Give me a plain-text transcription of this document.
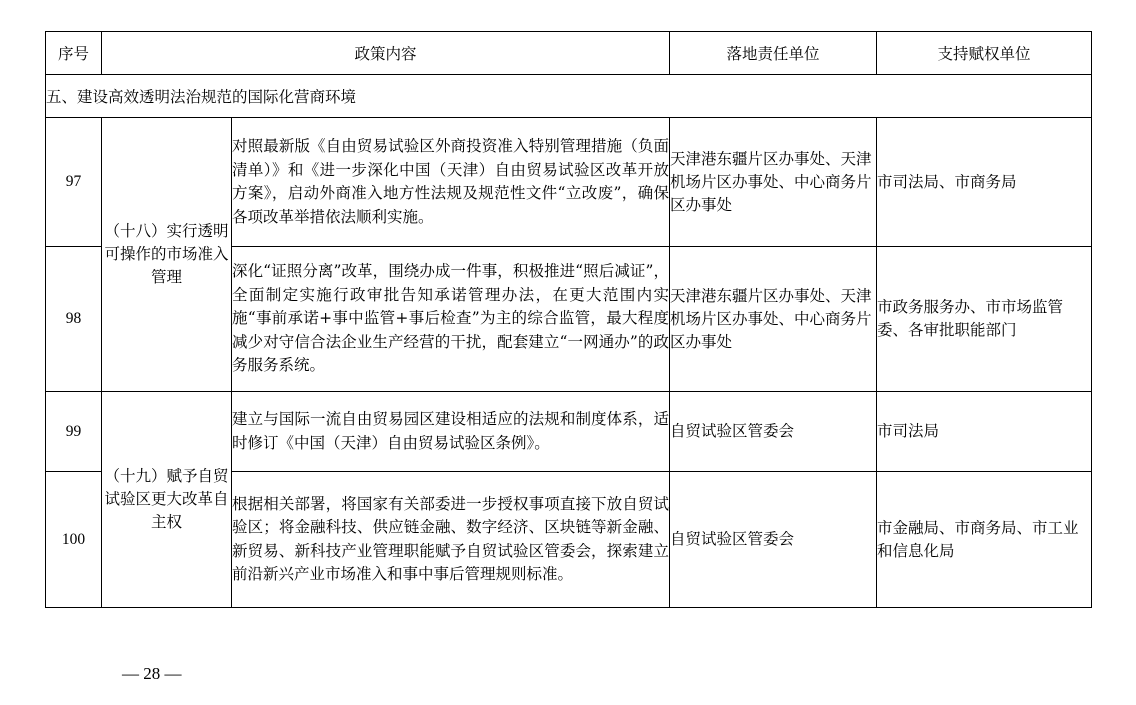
序号	政策内容		落地责任单位	支持赋权单位
五、建设高效透明法治规范的国际化营商环境				
97	（十八）实行透明可操作的市场准入管理	对照最新版《自由贸易试验区外商投资准入特别管理措施（负面清单）》和《进一步深化中国（天津）自由贸易试验区改革开放方案》，启动外商准入地方性法规及规范性文件“立改废”，确保各项改革举措依法顺利实施。	天津港东疆片区办事处、天津机场片区办事处、中心商务片区办事处	市司法局、市商务局
98		深化“证照分离”改革，围绕办成一件事，积极推进“照后减证”，全面制定实施行政审批告知承诺管理办法，在更大范围内实施“事前承诺+事中监管+事后检查”为主的综合监管，最大程度减少对守信合法企业生产经营的干扰，配套建立“一网通办”的政务服务系统。	天津港东疆片区办事处、天津机场片区办事处、中心商务片区办事处	市政务服务办、市市场监管委、各审批职能部门
99	（十九）赋予自贸试验区更大改革自主权	建立与国际一流自由贸易园区建设相适应的法规和制度体系，适时修订《中国（天津）自由贸易试验区条例》。	自贸试验区管委会	市司法局
100		根据相关部署，将国家有关部委进一步授权事项直接下放自贸试验区；将金融科技、供应链金融、数字经济、区块链等新金融、新贸易、新科技产业管理职能赋予自贸试验区管委会，探索建立前沿新兴产业市场准入和事中事后管理规则标准。	自贸试验区管委会	市金融局、市商务局、市工业和信息化局
— 28 —
